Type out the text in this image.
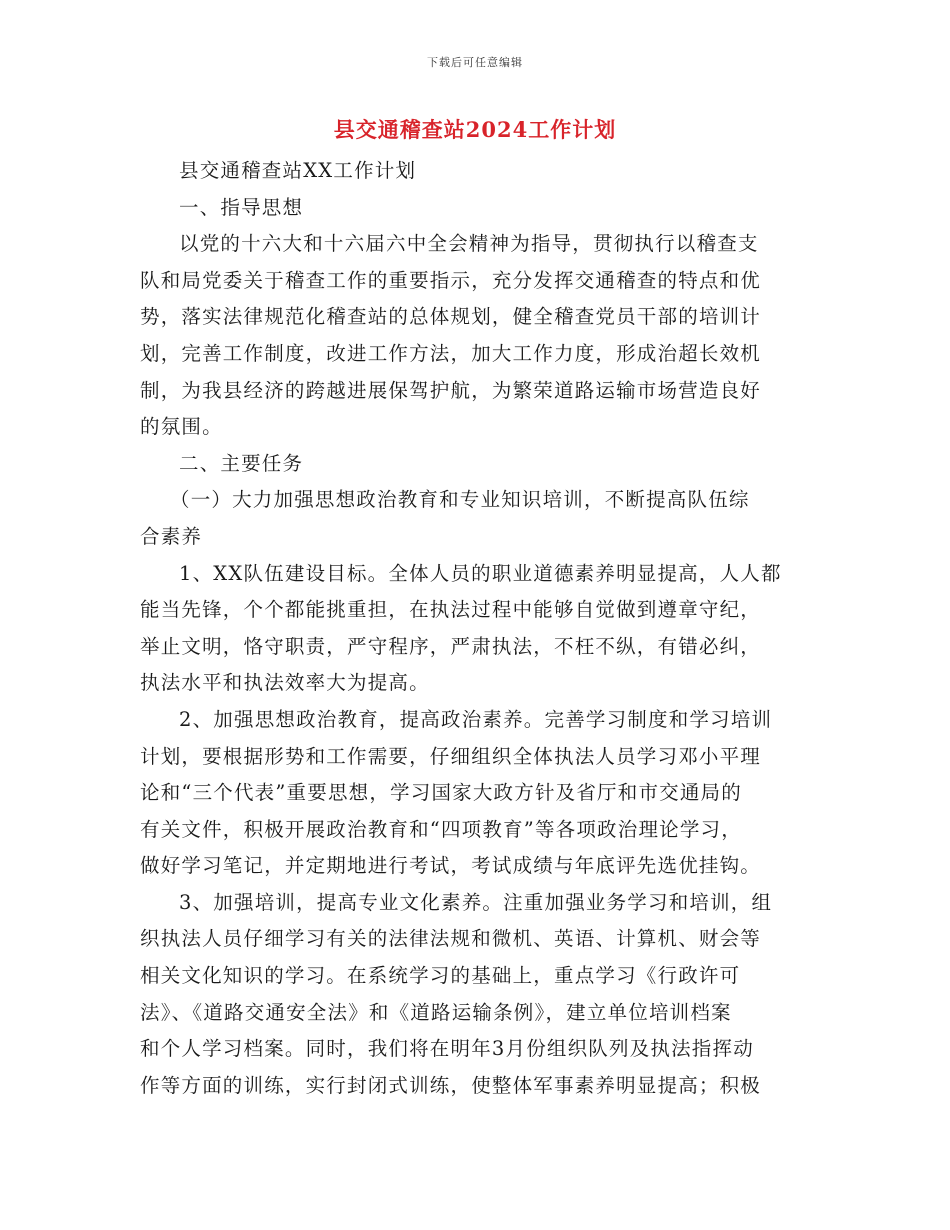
下载后可任意编辑
县交通稽查站2024工作计划
县交通稽查站XX工作计划
一、指导思想
以党的十六大和十六届六中全会精神为指导，贯彻执行以稽查支
队和局党委关于稽查工作的重要指示，充分发挥交通稽查的特点和优
势，落实法律规范化稽查站的总体规划，健全稽查党员干部的培训计
划，完善工作制度，改进工作方法，加大工作力度，形成治超长效机
制，为我县经济的跨越进展保驾护航，为繁荣道路运输市场营造良好
的氛围。
二、主要任务
（一）大力加强思想政治教育和专业知识培训，不断提高队伍综
合素养
1、XX队伍建设目标。全体人员的职业道德素养明显提高，人人都
能当先锋，个个都能挑重担，在执法过程中能够自觉做到遵章守纪，
举止文明，恪守职责，严守程序，严肃执法，不枉不纵，有错必纠，
执法水平和执法效率大为提高。
2、加强思想政治教育，提高政治素养。完善学习制度和学习培训
计划，要根据形势和工作需要，仔细组织全体执法人员学习邓小平理
论和“三个代表”重要思想，学习国家大政方针及省厅和市交通局的
有关文件，积极开展政治教育和“四项教育”等各项政治理论学习，
做好学习笔记，并定期地进行考试，考试成绩与年底评先选优挂钩。
3、加强培训，提高专业文化素养。注重加强业务学习和培训，组
织执法人员仔细学习有关的法律法规和微机、英语、计算机、财会等
相关文化知识的学习。在系统学习的基础上，重点学习《行政许可
法》、《道路交通安全法》和《道路运输条例》，建立单位培训档案
和个人学习档案。同时，我们将在明年3月份组织队列及执法指挥动
作等方面的训练，实行封闭式训练，使整体军事素养明显提高；积极
